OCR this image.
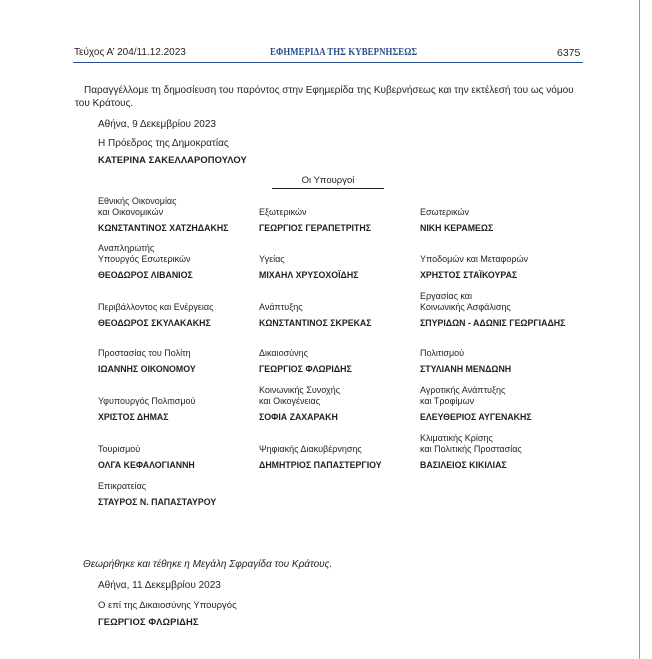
Τεύχος Α’ 204/11.12.2023	ΕΦΗΜΕΡΙΔΑ ΤΗΣ ΚΥΒΕΡΝΗΣΕΩΣ	6375

Παραγγέλλομε τη δημοσίευση του παρόντος στην Εφημερίδα της Κυβερνήσεως και την εκτέλεσή του ως νόμου του Κράτους.

Αθήνα, 9 Δεκεμβρίου 2023
Η Πρόεδρος της Δημοκρατίας
ΚΑΤΕΡΙΝΑ ΣΑΚΕΛΛΑΡΟΠΟΥΛΟΥ
Οι Υπουργοί
Εθνικής Οικονομίας
και Οικονομικών
ΚΩΝΣΤΑΝΤΙΝΟΣ ΧΑΤΖΗΔΑΚΗΣ
Εξωτερικών
ΓΕΩΡΓΙΟΣ ΓΕΡΑΠΕΤΡΙΤΗΣ
Εσωτερικών
ΝΙΚΗ ΚΕΡΑΜΕΩΣ
Αναπληρωτής
Υπουργός Εσωτερικών
ΘΕΟΔΩΡΟΣ ΛΙΒΑΝΙΟΣ
Υγείας
ΜΙΧΑΗΛ ΧΡΥΣΟΧΟΪΔΗΣ
Υποδομών και Μεταφορών
ΧΡΗΣΤΟΣ ΣΤΑΪΚΟΥΡΑΣ
Περιβάλλοντος και Ενέργειας
ΘΕΟΔΩΡΟΣ ΣΚΥΛΑΚΑΚΗΣ
Ανάπτυξης
ΚΩΝΣΤΑΝΤΙΝΟΣ ΣΚΡΕΚΑΣ
Εργασίας και
Κοινωνικής Ασφάλισης
ΣΠΥΡΙΔΩΝ - ΑΔΩΝΙΣ ΓΕΩΡΓΙΑΔΗΣ
Προστασίας του Πολίτη
ΙΩΑΝΝΗΣ ΟΙΚΟΝΟΜΟΥ
Δικαιοσύνης
ΓΕΩΡΓΙΟΣ ΦΛΩΡΙΔΗΣ
Πολιτισμού
ΣΤΥΛΙΑΝΗ ΜΕΝΔΩΝΗ
Υφυπουργός Πολιτισμού
ΧΡΙΣΤΟΣ ΔΗΜΑΣ
Κοινωνικής Συνοχής
και Οικογένειας
ΣΟΦΙΑ ΖΑΧΑΡΑΚΗ
Αγροτικής Ανάπτυξης
και Τροφίμων
ΕΛΕΥΘΕΡΙΟΣ ΑΥΓΕΝΑΚΗΣ
Τουρισμού
ΟΛΓΑ ΚΕΦΑΛΟΓΙΑΝΝΗ
Ψηφιακής Διακυβέρνησης
ΔΗΜΗΤΡΙΟΣ ΠΑΠΑΣΤΕΡΓΙΟΥ
Κλιματικής Κρίσης
και Πολιτικής Προστασίας
ΒΑΣΙΛΕΙΟΣ ΚΙΚΙΛΙΑΣ
Επικρατείας
ΣΤΑΥΡΟΣ Ν. ΠΑΠΑΣΤΑΥΡΟΥ
Θεωρήθηκε και τέθηκε η Μεγάλη Σφραγίδα του Κράτους.
Αθήνα, 11 Δεκεμβρίου 2023
Ο επί της Δικαιοσύνης Υπουργός
ΓΕΩΡΓΙΟΣ ΦΛΩΡΙΔΗΣ
